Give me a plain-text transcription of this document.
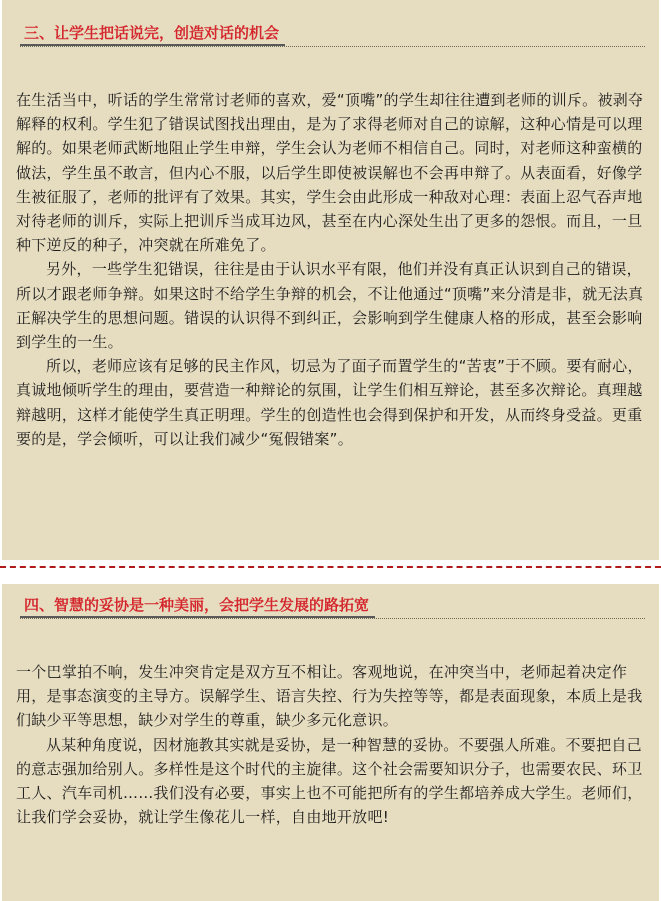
三、让学生把话说完，创造对话的机会

在生活当中，听话的学生常常讨老师的喜欢，爱“顶嘴”的学生却往往遭到老师的训斥。被剥夺解释的权利。学生犯了错误试图找出理由，是为了求得老师对自己的谅解，这种心情是可以理解的。如果老师武断地阻止学生申辩，学生会认为老师不相信自己。同时，对老师这种蛮横的做法，学生虽不敢言，但内心不服，以后学生即使被误解也不会再申辩了。从表面看，好像学生被征服了，老师的批评有了效果。其实，学生会由此形成一种敌对心理：表面上忍气吞声地对待老师的训斥，实际上把训斥当成耳边风，甚至在内心深处生出了更多的怨恨。而且，一旦种下逆反的种子，冲突就在所难免了。

另外，一些学生犯错误，往往是由于认识水平有限，他们并没有真正认识到自己的错误，所以才跟老师争辩。如果这时不给学生争辩的机会，不让他通过“顶嘴”来分清是非，就无法真正解决学生的思想问题。错误的认识得不到纠正，会影响到学生健康人格的形成，甚至会影响到学生的一生。

所以，老师应该有足够的民主作风，切忌为了面子而置学生的“苦衷”于不顾。要有耐心，真诚地倾听学生的理由，要营造一种辩论的氛围，让学生们相互辩论，甚至多次辩论。真理越辩越明，这样才能使学生真正明理。学生的创造性也会得到保护和开发，从而终身受益。更重要的是，学会倾听，可以让我们减少“冤假错案”。

四、智慧的妥协是一种美丽，会把学生发展的路拓宽

一个巴掌拍不响，发生冲突肯定是双方互不相让。客观地说，在冲突当中，老师起着决定作用，是事态演变的主导方。误解学生、语言失控、行为失控等等，都是表面现象，本质上是我们缺少平等思想，缺少对学生的尊重，缺少多元化意识。

从某种角度说，因材施教其实就是妥协，是一种智慧的妥协。不要强人所难。不要把自己的意志强加给别人。多样性是这个时代的主旋律。这个社会需要知识分子，也需要农民、环卫工人、汽车司机……我们没有必要，事实上也不可能把所有的学生都培养成大学生。老师们，让我们学会妥协，就让学生像花儿一样，自由地开放吧!
